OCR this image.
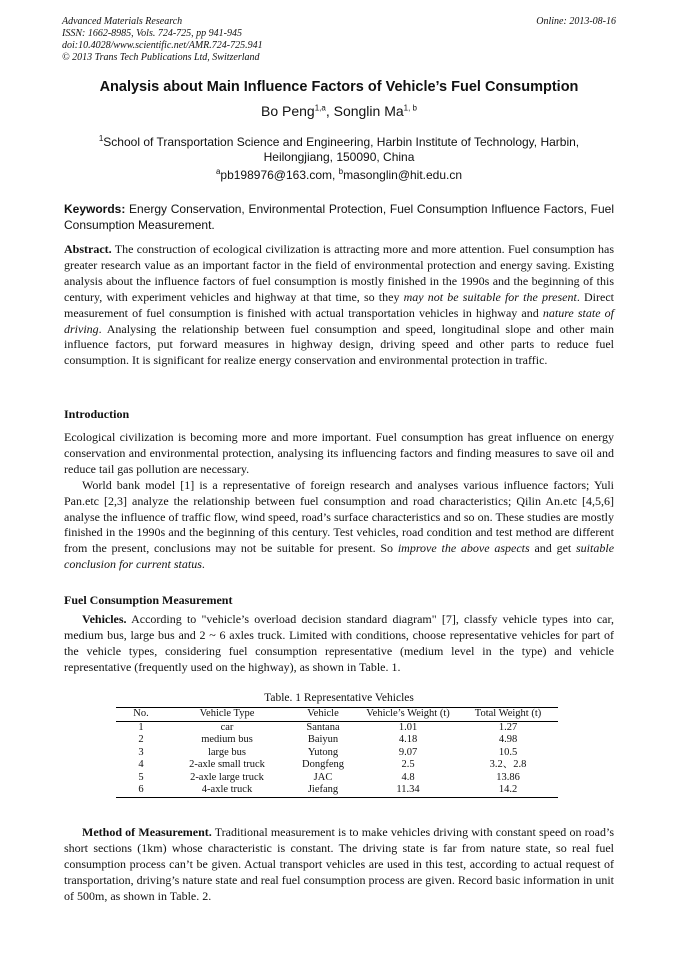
Advanced Materials Research
ISSN: 1662-8985, Vols. 724-725, pp 941-945
doi:10.4028/www.scientific.net/AMR.724-725.941
© 2013 Trans Tech Publications Ltd, Switzerland
Online: 2013-08-16
Analysis about Main Influence Factors of Vehicle’s Fuel Consumption
Bo Peng$^{1,a}$, Songlin Ma$^{1, b}$
$^1$School of Transportation Science and Engineering, Harbin Institute of Technology, Harbin, Heilongjiang, 150090, China
$^a$pb198976@163.com, $^b$masonglin@hit.edu.cn
Keywords: Energy Conservation, Environmental Protection, Fuel Consumption Influence Factors, Fuel Consumption Measurement.
Abstract. The construction of ecological civilization is attracting more and more attention. Fuel consumption has greater research value as an important factor in the field of environmental protection and energy saving. Existing analysis about the influence factors of fuel consumption is mostly finished in the 1990s and the beginning of this century, with experiment vehicles and highway at that time, so they may not be suitable for the present. Direct measurement of fuel consumption is finished with actual transportation vehicles in highway and nature state of driving. Analysing the relationship between fuel consumption and speed, longitudinal slope and other main influence factors, put forward measures in highway design, driving speed and other parts to reduce fuel consumption. It is significant for realize energy conservation and environmental protection in traffic.
Introduction

Ecological civilization is becoming more and more important. Fuel consumption has great influence on energy conservation and environmental protection, analysing its influencing factors and finding measures to save oil and reduce tail gas pollution are necessary.

World bank model [1] is a representative of foreign research and analyses various influence factors; Yuli Pan.etc [2,3] analyze the relationship between fuel consumption and road characteristics; Qilin An.etc [4,5,6] analyse the influence of traffic flow, wind speed, road’s surface characteristics and so on. These studies are mostly finished in the 1990s and the beginning of this century. Test vehicles, road condition and test method are different from the present, conclusions may not be suitable for present. So improve the above aspects and get suitable conclusion for current status.

Fuel Consumption Measurement
Vehicles. According to "vehicle’s overload decision standard diagram" [7], classfy vehicle types into car, medium bus, large bus and 2 ~ 6 axles truck. Limited with conditions, choose representative vehicles for part of the vehicle types, considering fuel consumption representative (medium level in the type) and vehicle representative (frequently used on the highway), as shown in Table. 1.
Table. 1 Representative Vehicles
No.	Vehicle Type	Vehicle	Vehicle’s Weight (t)	Total Weight (t)
1	car	Santana	1.01	1.27
2	medium bus	Baiyun	4.18	4.98
3	large bus	Yutong	9.07	10.5
4	2-axle small truck	Dongfeng	2.5	3.2、2.8
5	2-axle large truck	JAC	4.8	13.86
6	4-axle truck	Jiefang	11.34	14.2
Method of Measurement. Traditional measurement is to make vehicles driving with constant speed on road’s short sections (1km) whose characteristic is constant. The driving state is far from nature state, so real fuel consumption process can’t be given. Actual transport vehicles are used in this test, according to actual request of transportation, driving’s nature state and real fuel consumption process are given. Record basic information in unit of 500m, as shown in Table. 2.
